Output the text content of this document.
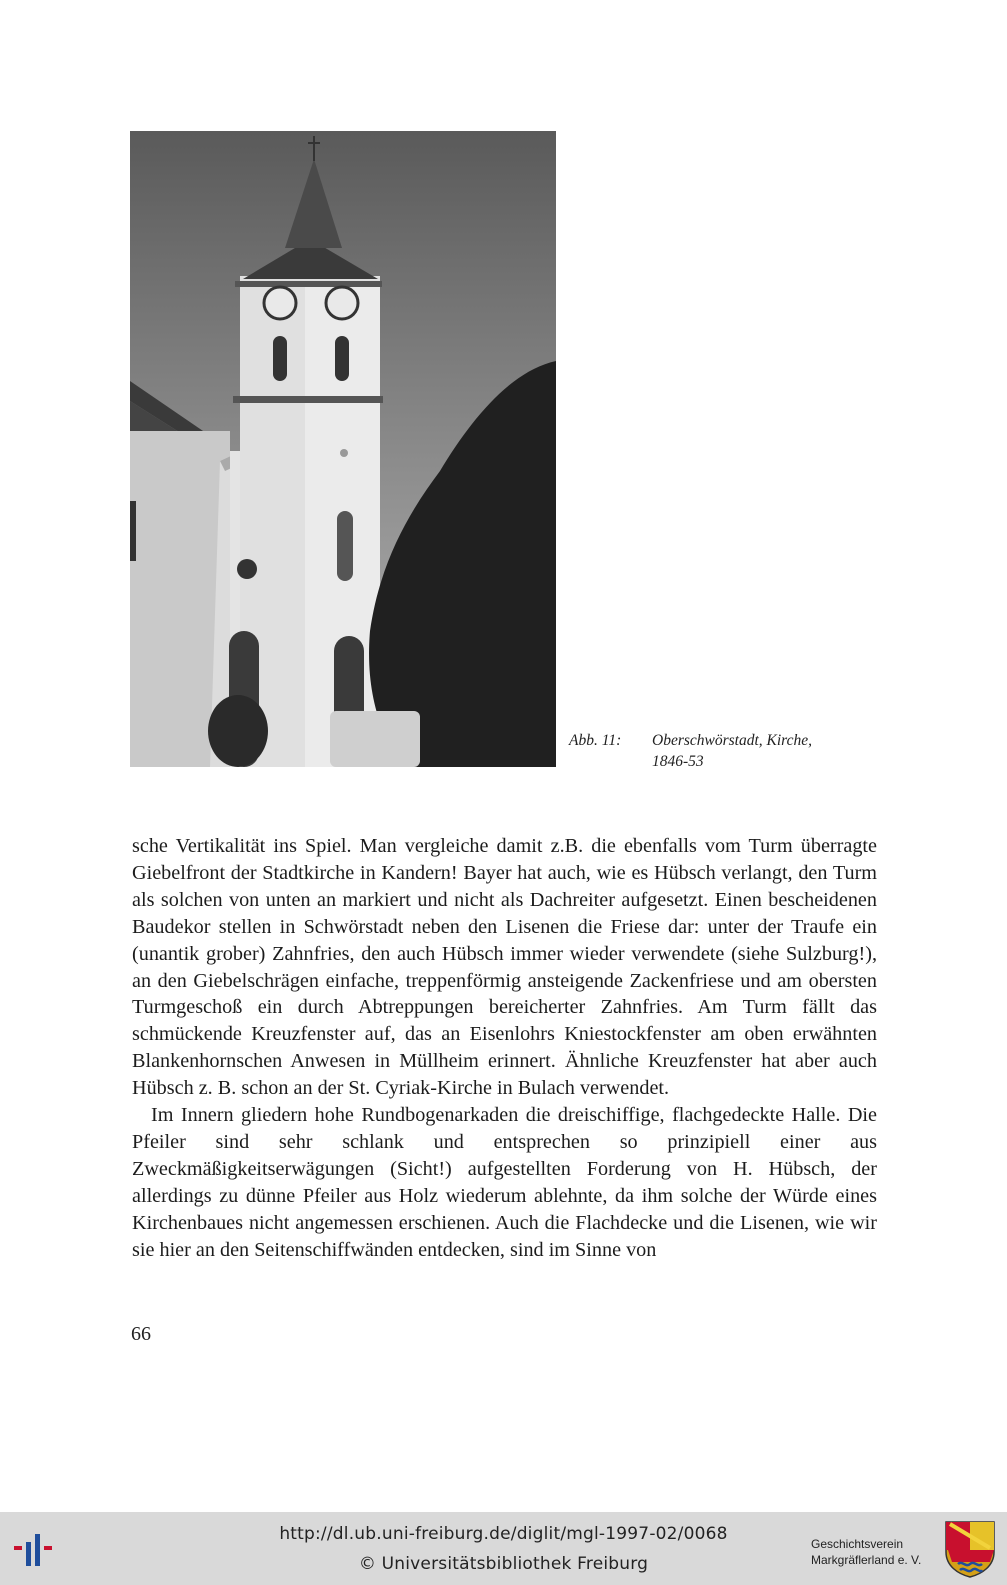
Abb. 11: Oberschwörstadt, Kirche,
1846-53

sche Vertikalität ins Spiel. Man vergleiche damit z.B. die ebenfalls vom Turm überragte Giebelfront der Stadtkirche in Kandern! Bayer hat auch, wie es Hübsch verlangt, den Turm als solchen von unten an markiert und nicht als Dachreiter aufgesetzt. Einen bescheidenen Baudekor stellen in Schwörstadt neben den Lisenen die Friese dar: unter der Traufe ein (unantik grober) Zahnfries, den auch Hübsch immer wieder verwendete (siehe Sulzburg!), an den Giebelschrägen einfache, treppenförmig ansteigende Zackenfriese und am obersten Turmgeschoß ein durch Abtreppungen bereicherter Zahnfries. Am Turm fällt das schmückende Kreuzfenster auf, das an Eisenlohrs Kniestockfenster am oben erwähnten Blankenhornschen Anwesen in Müllheim erinnert. Ähnliche Kreuzfenster hat aber auch Hübsch z. B. schon an der St. Cyriak-Kirche in Bulach verwendet.

Im Innern gliedern hohe Rundbogenarkaden die dreischiffige, flachgedeckte Halle. Die Pfeiler sind sehr schlank und entsprechen so prinzipiell einer aus Zweckmäßigkeitserwägungen (Sicht!) aufgestellten Forderung von H. Hübsch, der allerdings zu dünne Pfeiler aus Holz wiederum ablehnte, da ihm solche der Würde eines Kirchenbaues nicht angemessen erschienen. Auch die Flachdecke und die Lisenen, wie wir sie hier an den Seitenschiffwänden entdecken, sind im Sinne von

66
http://dl.ub.uni-freiburg.de/diglit/mgl-1997-02/0068
© Universitätsbibliothek Freiburg
Geschichtsverein
Markgräflerland e. V.
